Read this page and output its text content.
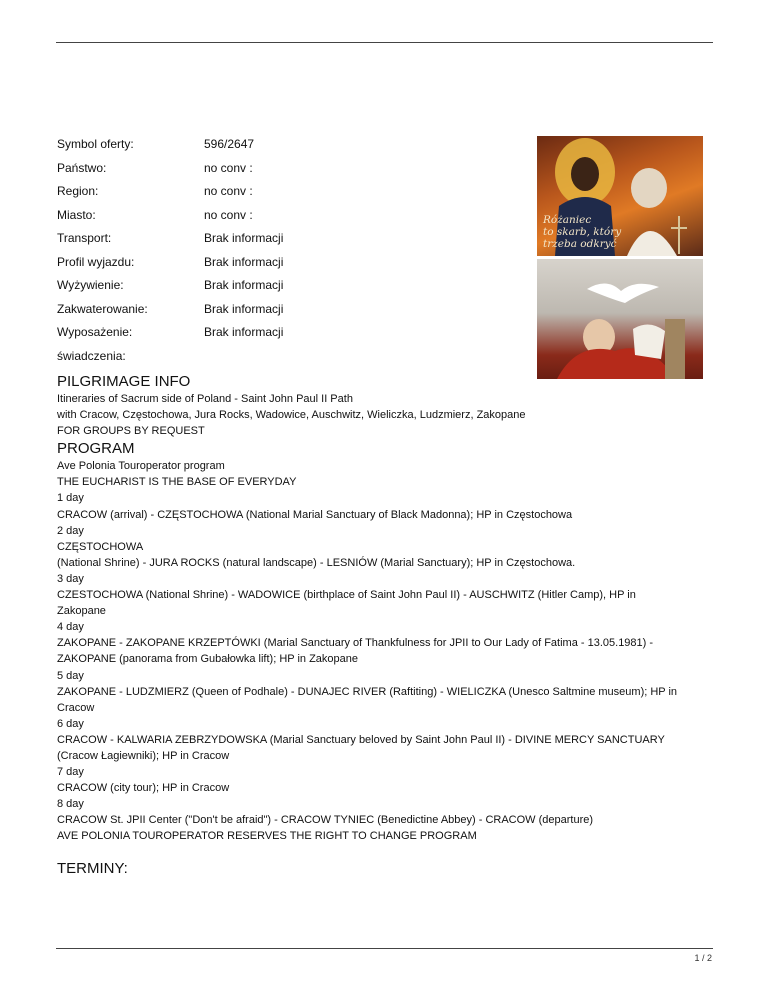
Symbol oferty:	596/2647
Państwo:	no conv :
Region:	no conv :
Miasto:	no conv :
Transport:	Brak informacji
Profil wyjazdu:	Brak informacji
Wyżywienie:	Brak informacji
Zakwaterowanie:	Brak informacji
Wyposażenie:	Brak informacji
świadczenia:
Różaniec
to skarb, który
trzeba odkryć
PILGRIMAGE INFO

Itineraries of Sacrum side of Poland - Saint John Paul II Path

with Cracow, Częstochowa, Jura Rocks, Wadowice, Auschwitz, Wieliczka, Ludzmierz, Zakopane

FOR GROUPS BY REQUEST

PROGRAM

Ave Polonia Touroperator program

THE EUCHARIST IS THE BASE OF EVERYDAY

1 day

CRACOW (arrival) - CZĘSTOCHOWA (National Marial Sanctuary of Black Madonna); HP in Częstochowa

2 day

CZĘSTOCHOWA

(National Shrine) - JURA ROCKS (natural landscape) - LESNIÓW (Marial Sanctuary); HP in Częstochowa.

3 day

CZESTOCHOWA (National Shrine) - WADOWICE (birthplace of Saint John Paul II) - AUSCHWITZ (Hitler Camp), HP in

Zakopane

4 day

ZAKOPANE - ZAKOPANE KRZEPTÓWKI (Marial Sanctuary of Thankfulness for JPII to Our Lady of Fatima - 13.05.1981) -

ZAKOPANE (panorama from Gubałowka lift); HP in Zakopane

5 day

ZAKOPANE - LUDZMIERZ (Queen of Podhale) - DUNAJEC RIVER (Raftiting) - WIELICZKA (Unesco Saltmine museum); HP in

Cracow

6 day

CRACOW - KALWARIA ZEBRZYDOWSKA (Marial Sanctuary beloved by Saint John Paul II) - DIVINE MERCY SANCTUARY

(Cracow Łagiewniki); HP in Cracow

7 day

CRACOW (city tour); HP in Cracow

8 day

CRACOW St. JPII Center ("Don't be afraid") - CRACOW TYNIEC (Benedictine Abbey) - CRACOW (departure)

AVE POLONIA TOUROPERATOR RESERVES THE RIGHT TO CHANGE PROGRAM

TERMINY:
1 / 2
